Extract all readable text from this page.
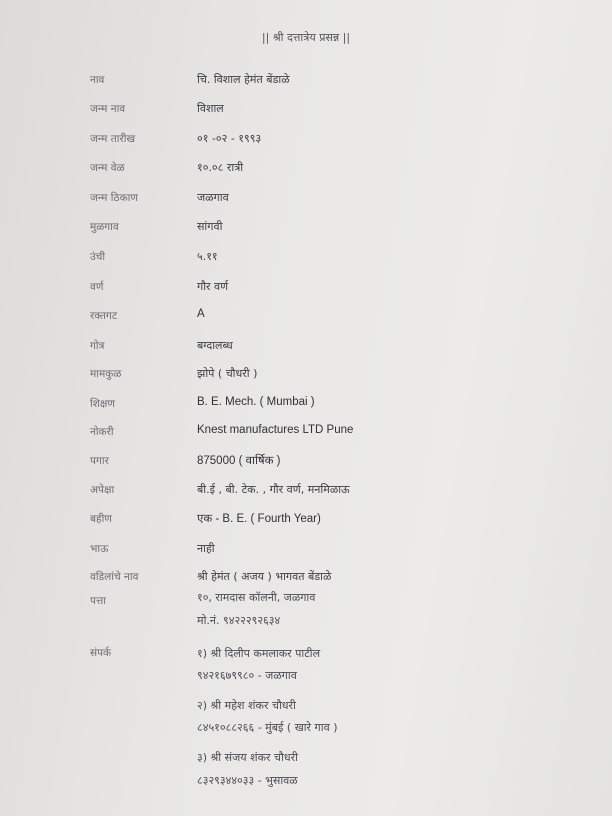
|| श्री दत्तात्रेय प्रसन्न ||
नाव	चि. विशाल हेमंत बेंडाळे
जन्म नाव	विशाल
जन्म तारीख	०१ -०२ - १९९३
जन्म वेळ	१०.०८ रात्री
जन्म ठिकाण	जळगाव
मुळगाव	सांगवी
उंची	५.११
वर्ण	गौर वर्ण
रक्तगट	A
गोत्र	बग्दालब्ध
मामकुळ	झोपे ( चौधरी )
शिक्षण	B. E. Mech. ( Mumbai )
नोकरी	Knest manufactures LTD Pune
पगार	875000 ( वार्षिक )
अपेक्षा	बी.ई , बी. टेक. , गौर वर्ण, मनमिळाऊ
बहीण	एक - B. E. ( Fourth Year)
भाऊ	नाही
वडिलांचे नाव	श्री हेमंत ( अजय ) भागवत बेंडाळे
पत्ता	१०, रामदास कॉलनी, जळगाव
मो.नं. ९४२२२९२६३४
संपर्क	१) श्री दिलीप कमलाकर पाटील
९४२१६७९९८० - जळगाव
२) श्री महेश शंकर चौधरी
८४५१०८८२६६ - मुंबई ( खारे गाव )
३) श्री संजय शंकर चौधरी
८३२९३४४०३३ - भुसावळ
